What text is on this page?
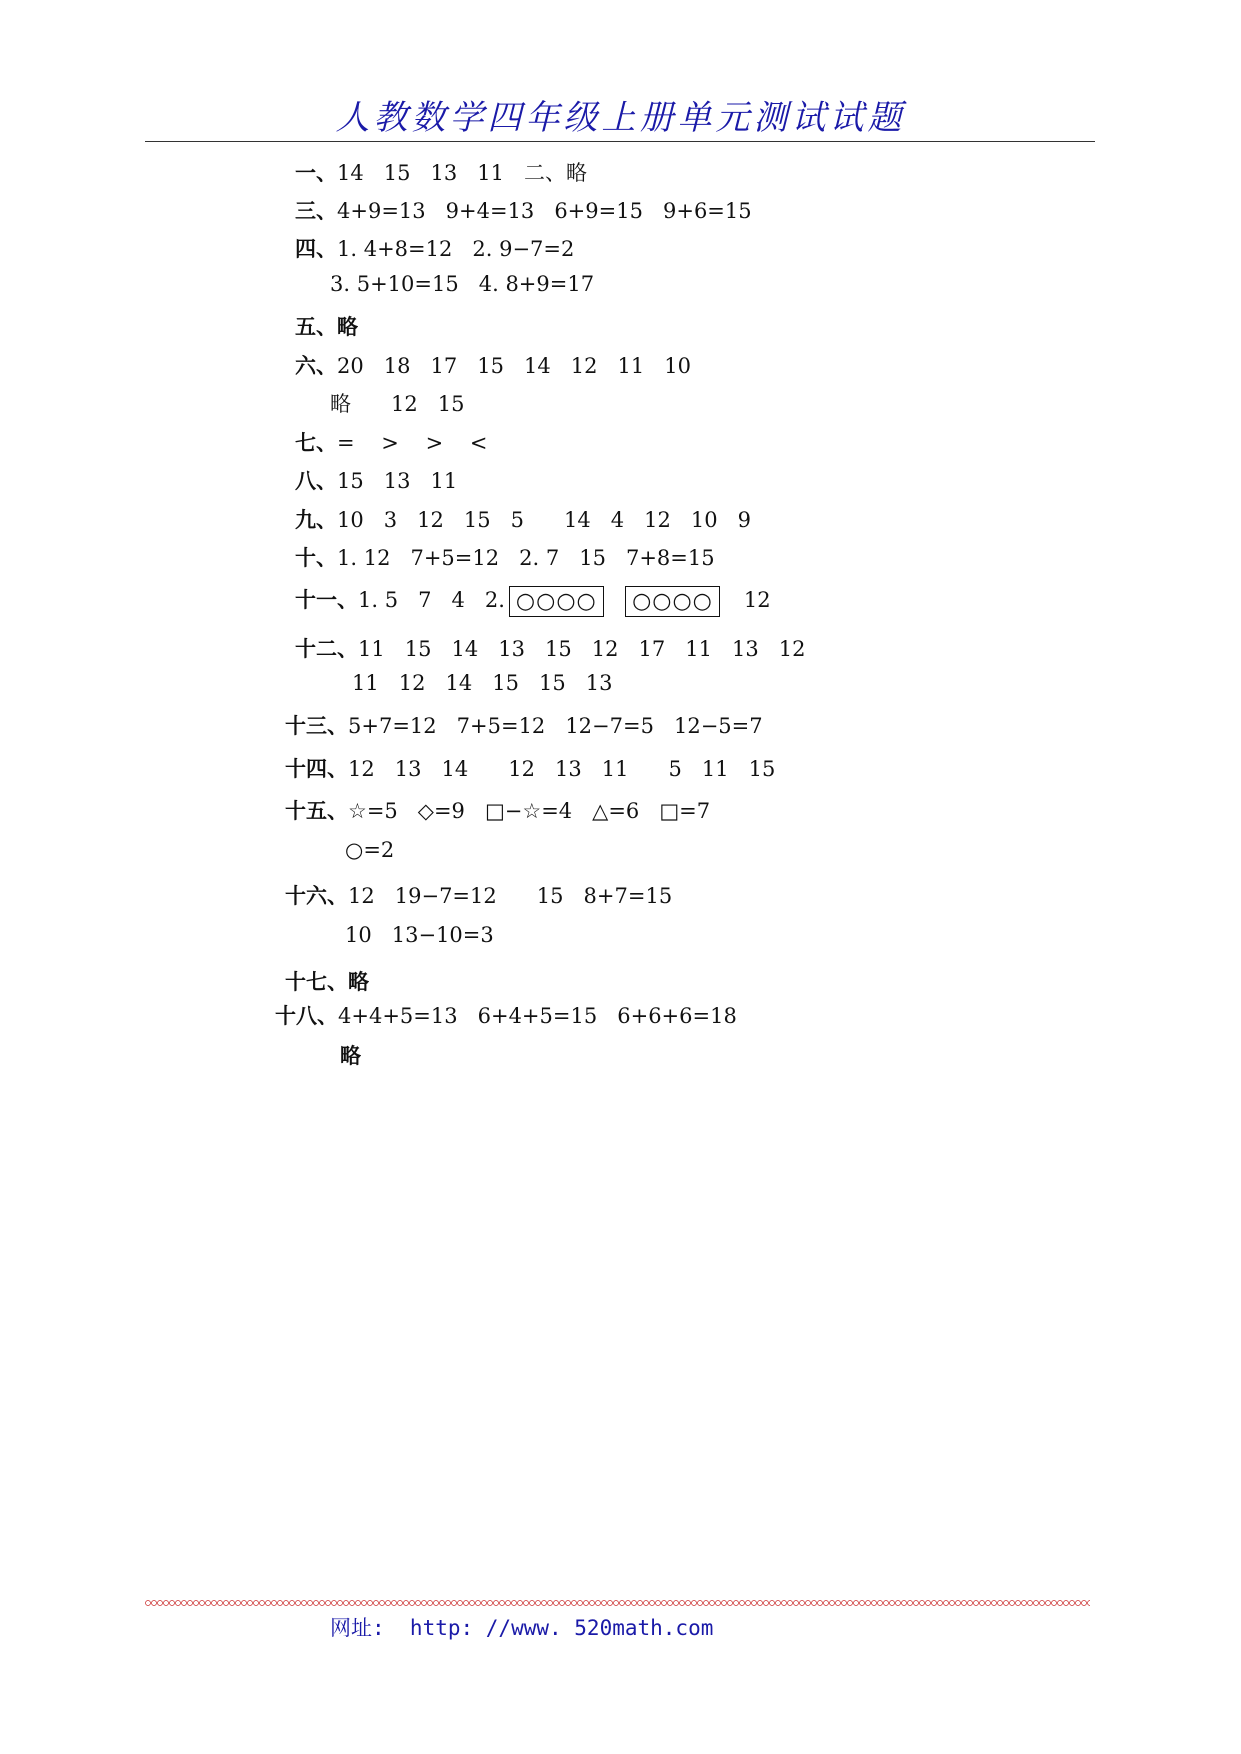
人教数学四年级上册单元测试试题
一、14   15   13   11   二、略
三、4+9=13   9+4=13   6+9=15   9+6=15
四、1. 4+8=12   2. 9−7=2
3. 5+10=15   4. 8+9=17
五、略
六、20   18   17   15   14   12   11   10
略      12   15
七、=    >    >    <
八、15   13   11
九、10   3   12   15   5      14   4   12   10   9
十、1. 12   7+5=12   2. 7   15   7+8=15
十一、1. 5   7   4   2. ○○○○ ○○○○ 12
十二、11   15   14   13   15   12   17   11   13   12
11   12   14   15   15   13
十三、5+7=12   7+5=12   12−7=5   12−5=7
十四、12   13   14      12   13   11      5   11   15
十五、☆=5   ◇=9   □−☆=4   △=6   □=7
○=2
十六、12   19−7=12      15   8+7=15
10   13−10=3
十七、略
十八、4+4+5=13   6+4+5=15   6+6+6=18
略
网址:  http: //www. 520math.com
